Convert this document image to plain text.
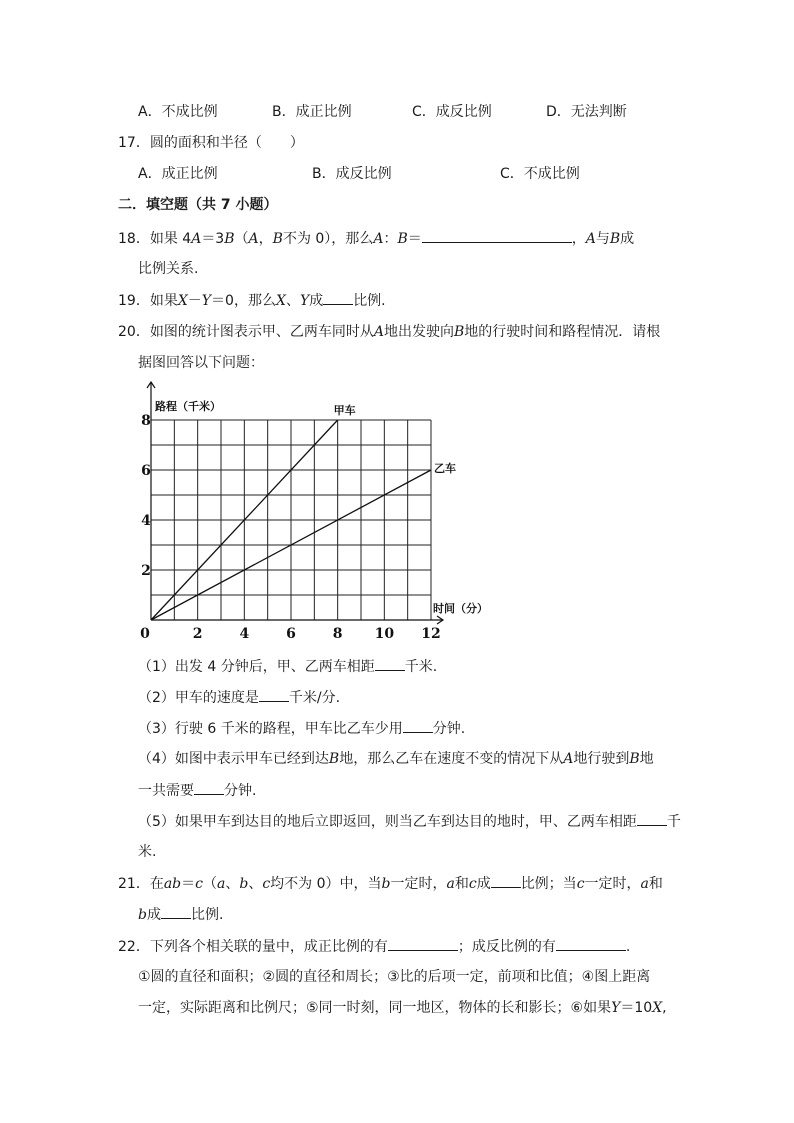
A．不成比例	B．成正比例	C．成反比例	D．无法判断
17．圆的面积和半径（　　）
A．成正比例	B．成反比例	C．不成比例
二．填空题（共 7 小题）
18．如果 4A＝3B（A，B不为 0），那么A：B＝	，A与B成
比例关系.
19．如果X－Y＝0，那么X、Y成 比例.
20．如图的统计图表示甲、乙两车同时从A地出发驶向B地的行驶时间和路程情况．请根
据图回答以下问题：
0	2	4	6	8 10 12
2
4
6
8
路程（千米）
时间（分）
甲车
乙车
（1）出发 4 分钟后，甲、乙两车相距 千米.
（2）甲车的速度是 千米/分.
（3）行驶 6 千米的路程，甲车比乙车少用 分钟.
（4）如图中表示甲车已经到达B地，那么乙车在速度不变的情况下从A地行驶到B地
一共需要 分钟.
（5）如果甲车到达目的地后立即返回，则当乙车到达目的地时，甲、乙两车相距 千
米.
21．在ab＝c（a、b、c均不为 0）中，当b一定时，a和c成 比例；当c一定时，a和
b成 比例.
22．下列各个相关联的量中，成正比例的有	；成反比例的有	.
①圆的直径和面积；②圆的直径和周长；③比的后项一定，前项和比值；④图上距离
一定，实际距离和比例尺；⑤同一时刻，同一地区，物体的长和影长；⑥如果Y＝10X,
